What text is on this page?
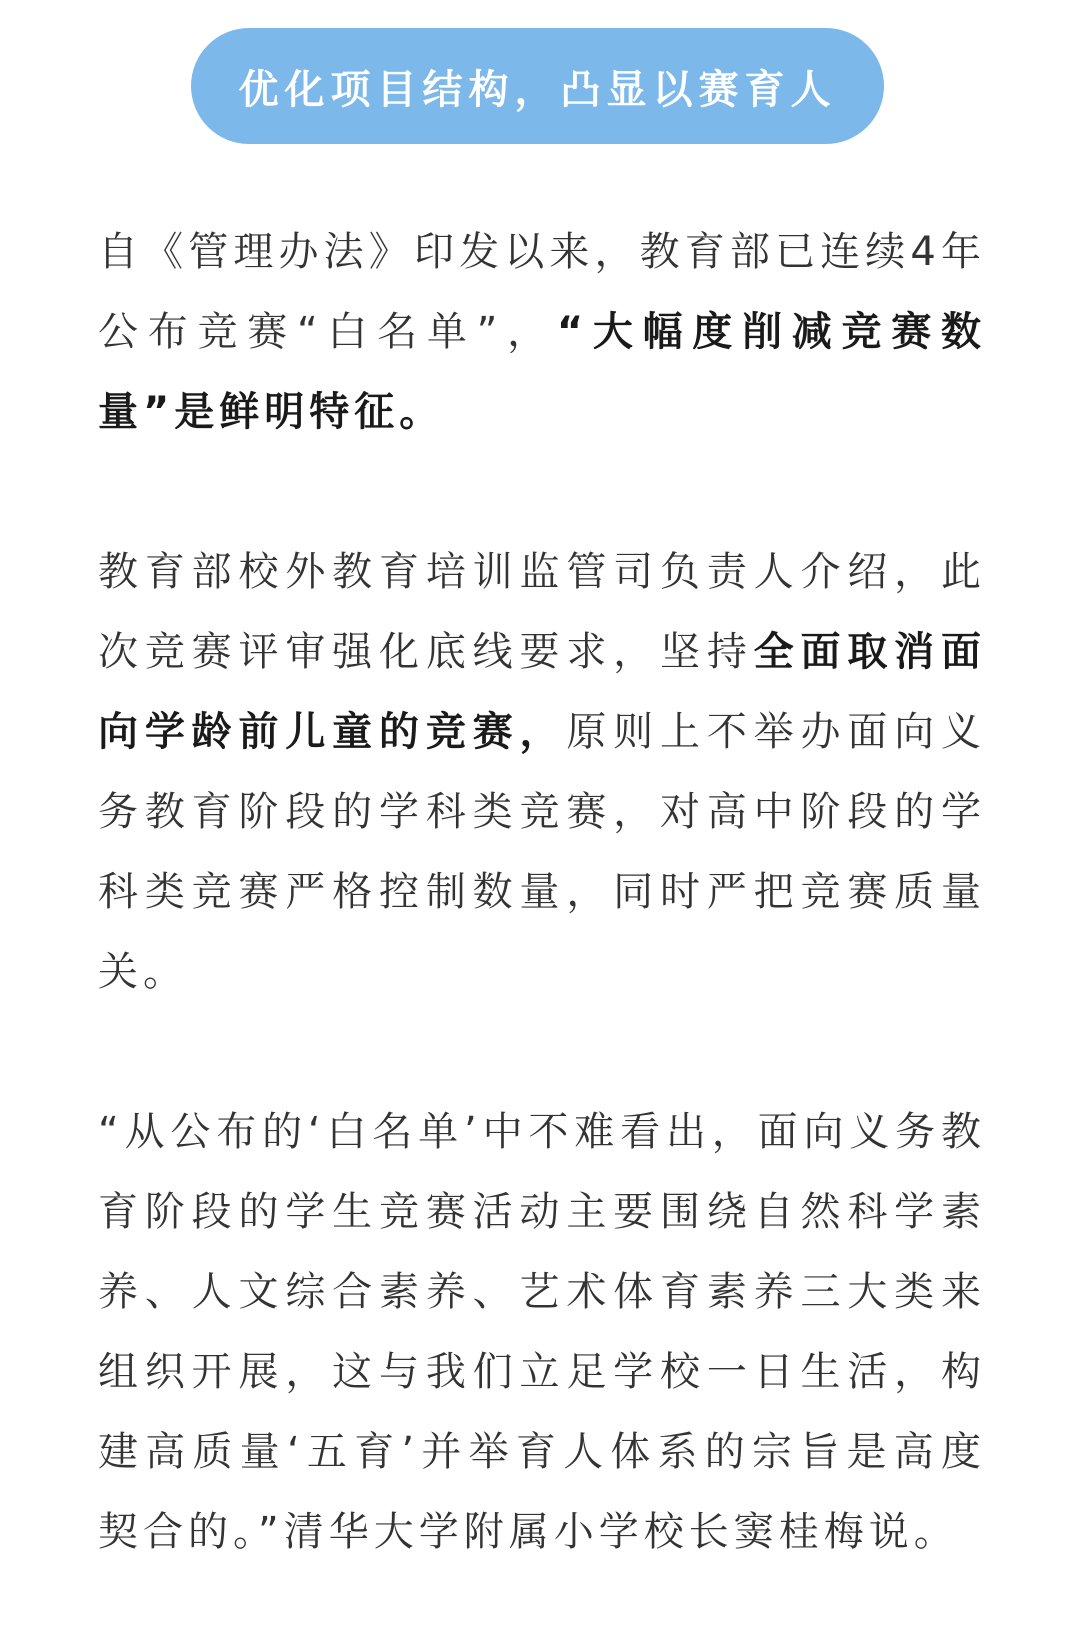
优化项目结构，凸显以赛育人

自《管理办法》印发以来，教育部已连续4年公布竞赛“白名单”，“大幅度削减竞赛数量”是鲜明特征。

教育部校外教育培训监管司负责人介绍，此次竞赛评审强化底线要求，坚持全面取消面向学龄前儿童的竞赛，原则上不举办面向义务教育阶段的学科类竞赛，对高中阶段的学科类竞赛严格控制数量，同时严把竞赛质量关。

“从公布的‘白名单’中不难看出，面向义务教育阶段的学生竞赛活动主要围绕自然科学素养、人文综合素养、艺术体育素养三大类来组织开展，这与我们立足学校一日生活，构建高质量‘五育’并举育人体系的宗旨是高度契合的。”清华大学附属小学校长窦桂梅说。
